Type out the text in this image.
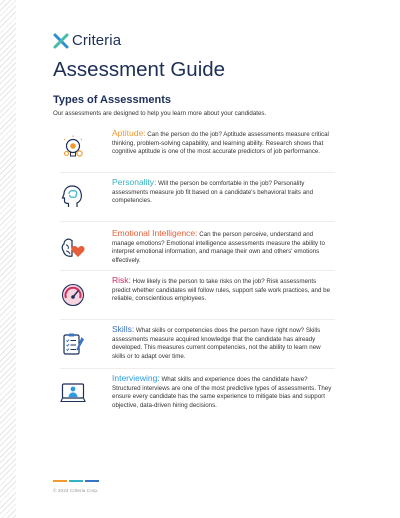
Criteria
Assessment Guide
Types of Assessments

Our assessments are designed to help you learn more about your candidates.

Aptitude: Can the person do the job? Aptitude assessments measure critical thinking, problem-solving capability, and learning ability. Research shows that cognitive aptitude is one of the most accurate predictors of job performance.
Personality: Will the person be comfortable in the job? Personality assessments measure job fit based on a candidate's behavioral traits and competencies.
Emotional Intelligence: Can the person perceive, understand and manage emotions? Emotional intelligence assessments measure the ability to interpret emotional information, and manage their own and others' emotions effectively.
Risk: How likely is the person to take risks on the job? Risk assessments predict whether candidates will follow rules, support safe work practices, and be reliable, conscientious employees.
Skills: What skills or competencies does the person have right now? Skills assessments measure acquired knowledge that the candidate has already developed. This measures current competencies, not the ability to learn new skills or to adapt over time.
Interviewing: What skills and experience does the candidate have? Structured interviews are one of the most predictive types of assessments. They ensure every candidate has the same experience to mitigate bias and support objective, data-driven hiring decisions.

© 2024 Criteria Corp.
